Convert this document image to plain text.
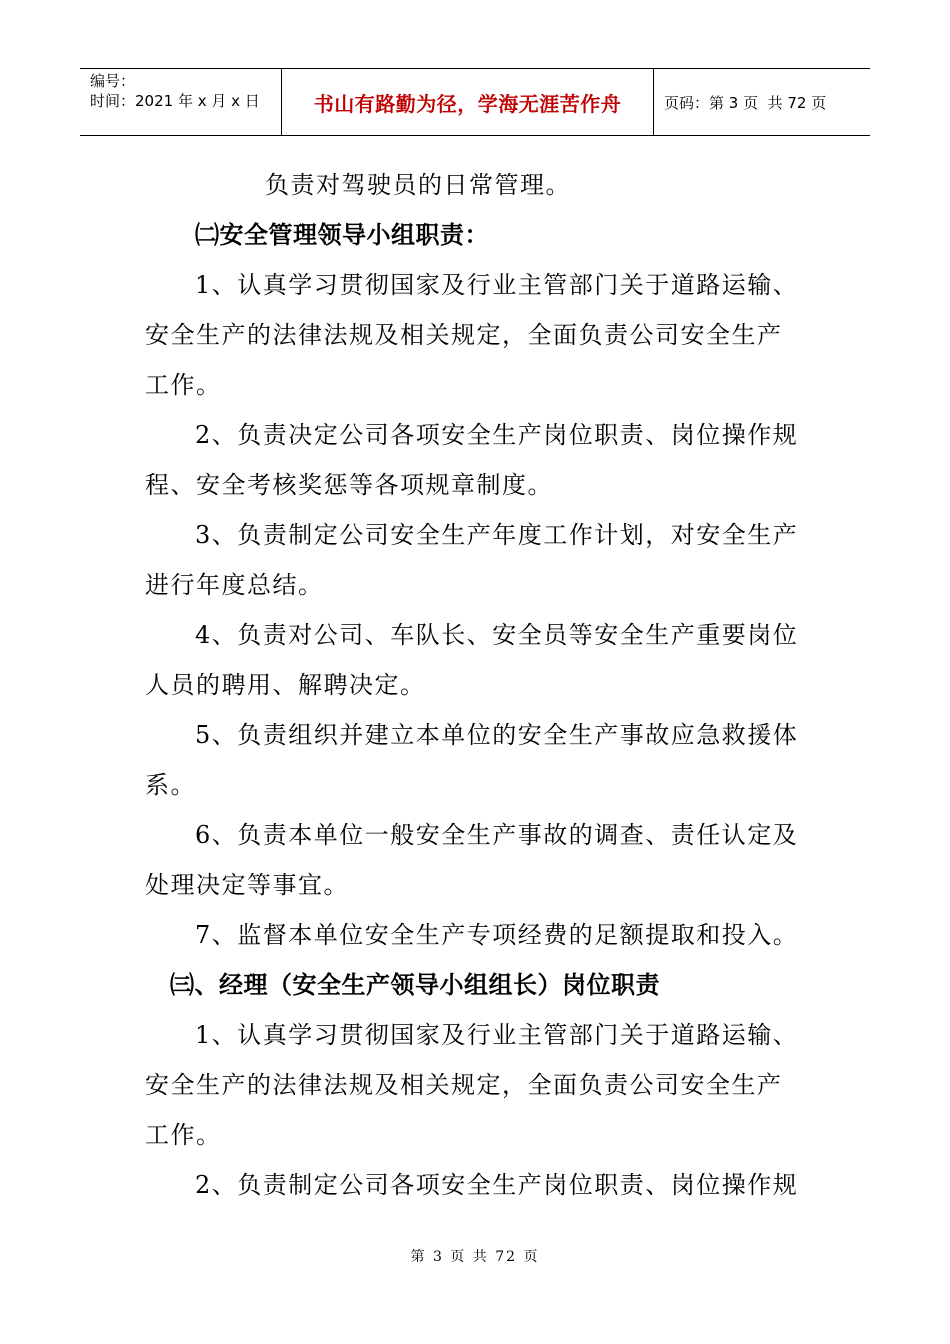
编号：
时间：2021 年 x 月 x 日	书山有路勤为径，学海无涯苦作舟	页码：第 3 页  共 72 页
负责对驾驶员的日常管理。
㈡安全管理领导小组职责：
1、认真学习贯彻国家及行业主管部门关于道路运输、
安全生产的法律法规及相关规定，全面负责公司安全生产
工作。
2、负责决定公司各项安全生产岗位职责、岗位操作规
程、安全考核奖惩等各项规章制度。
3、负责制定公司安全生产年度工作计划，对安全生产
进行年度总结。
4、负责对公司、车队长、安全员等安全生产重要岗位
人员的聘用、解聘决定。
5、负责组织并建立本单位的安全生产事故应急救援体
系。
6、负责本单位一般安全生产事故的调查、责任认定及
处理决定等事宜。
7、监督本单位安全生产专项经费的足额提取和投入。
㈢、经理（安全生产领导小组组长）岗位职责
1、认真学习贯彻国家及行业主管部门关于道路运输、
安全生产的法律法规及相关规定，全面负责公司安全生产
工作。
2、负责制定公司各项安全生产岗位职责、岗位操作规
第 3 页 共 72 页
